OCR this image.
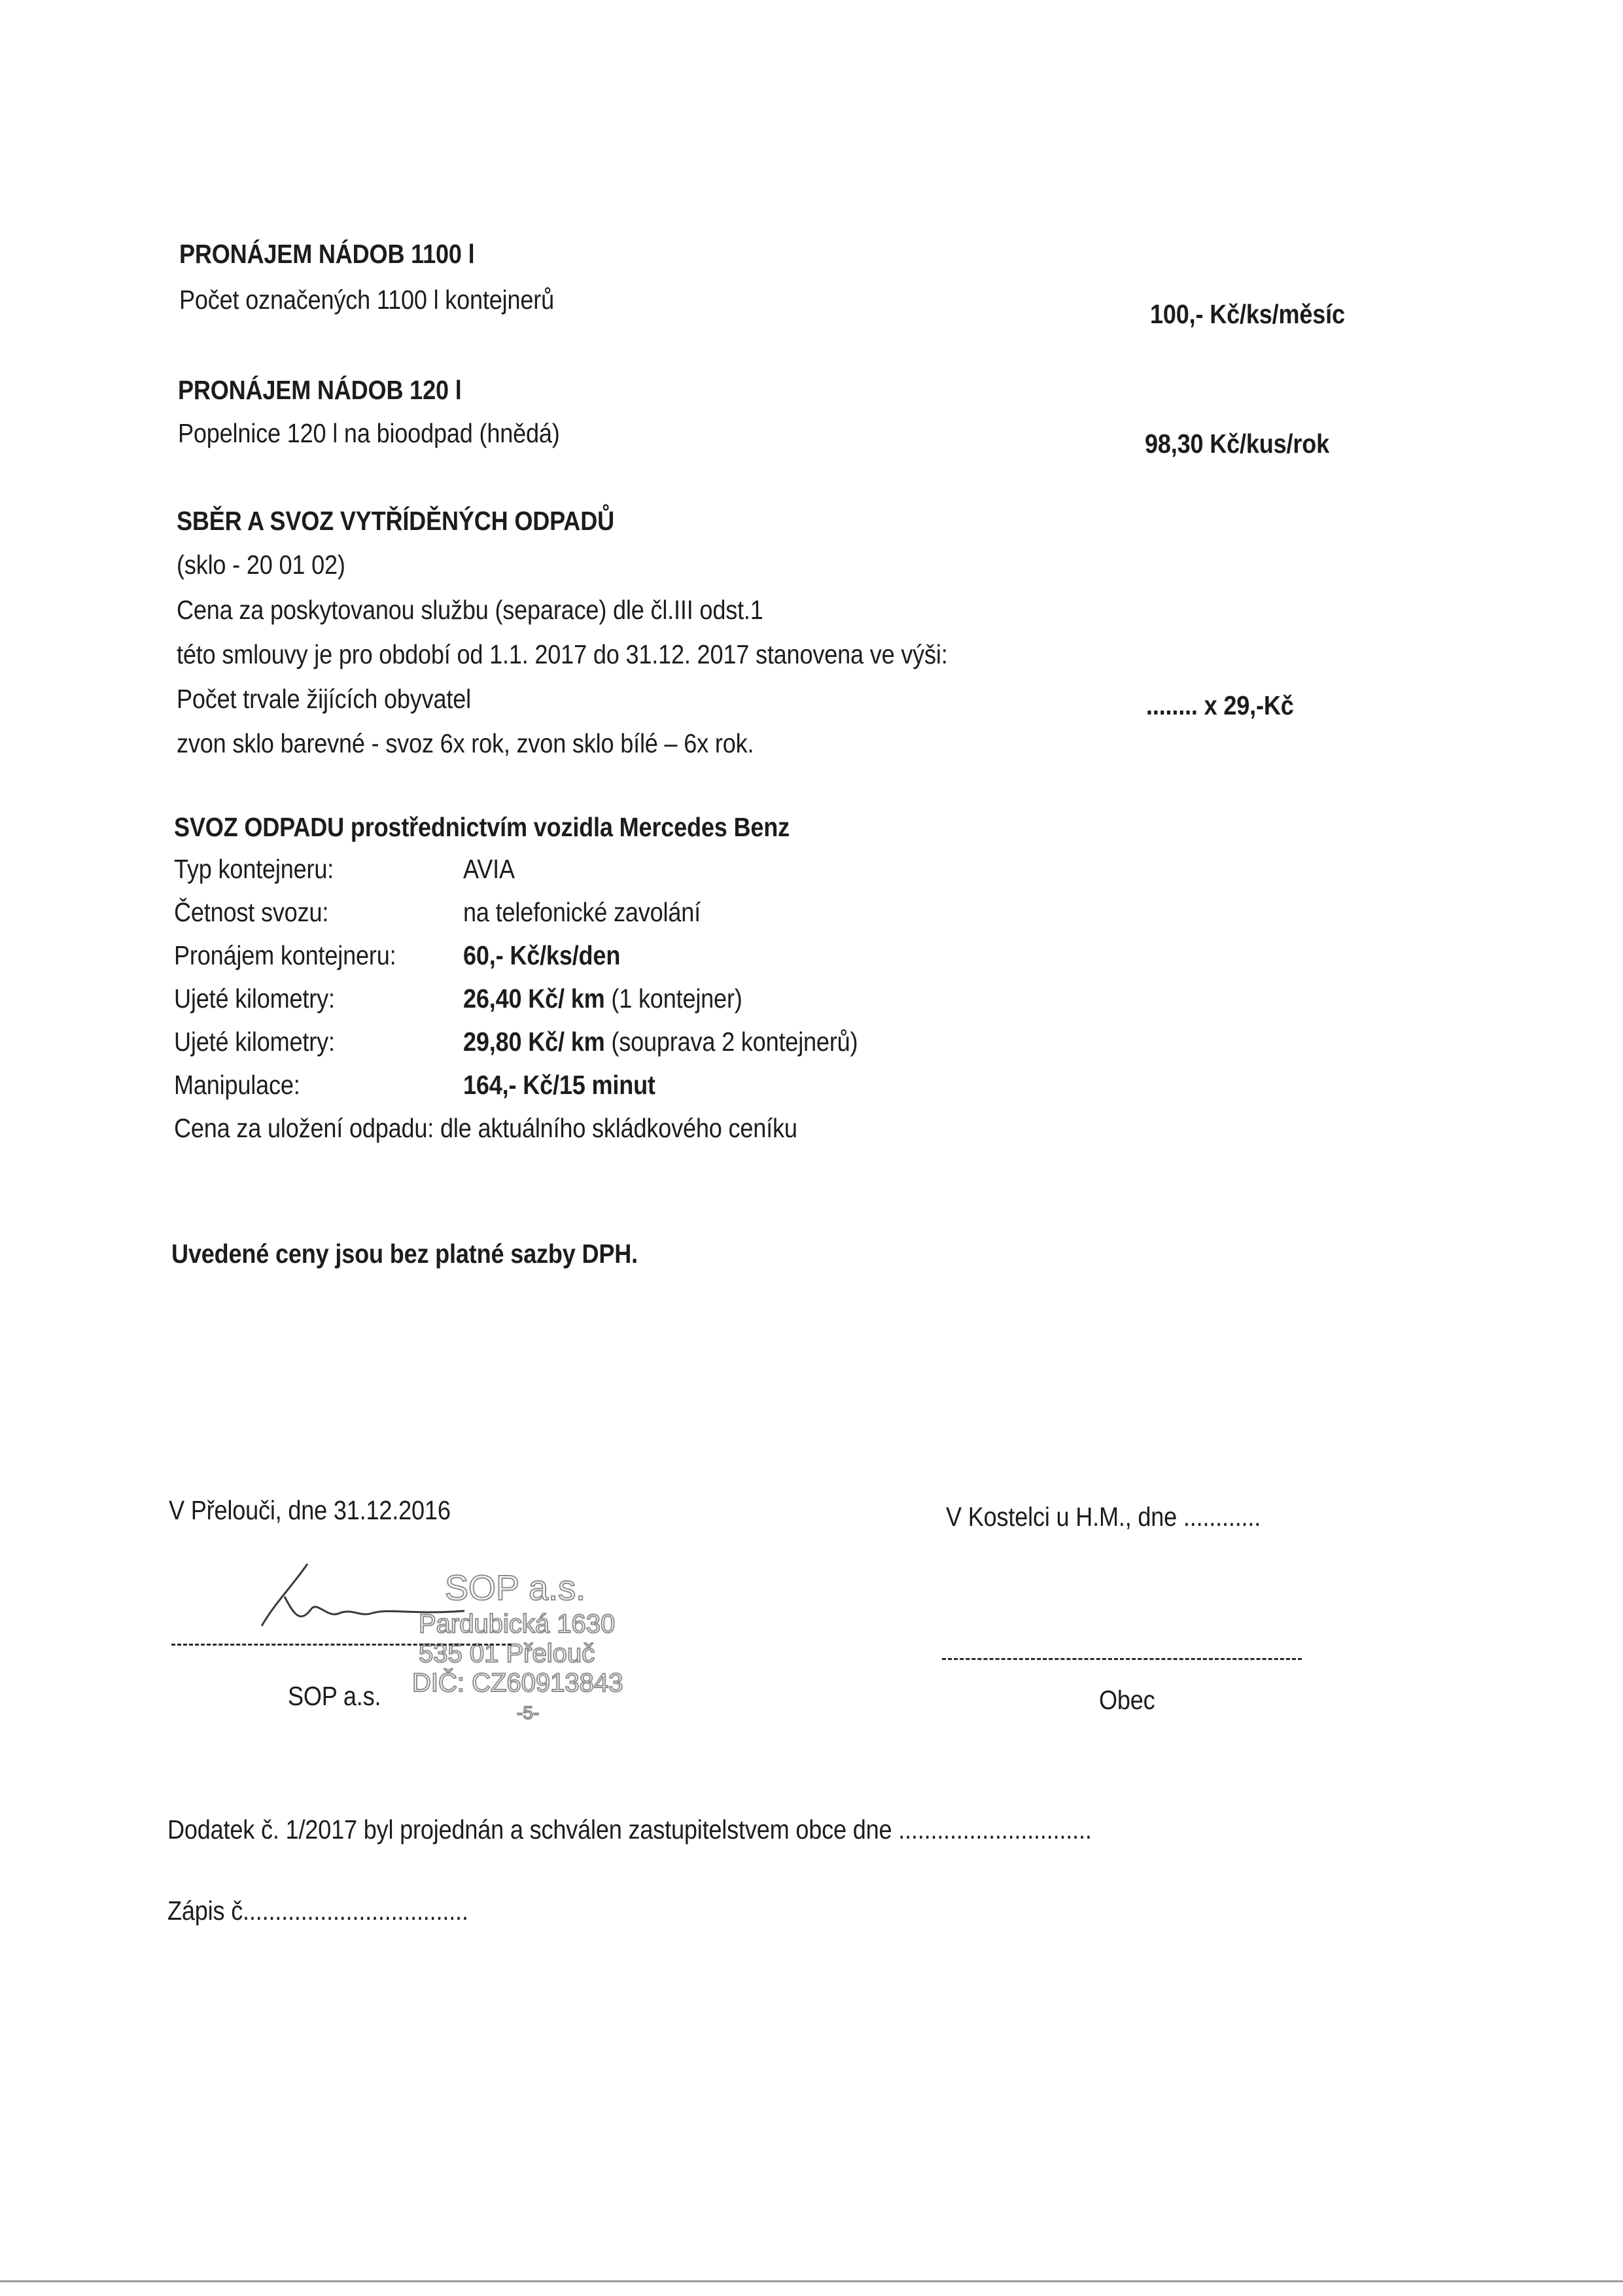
PRONÁJEM NÁDOB 1100 l
Počet označených 1100 l kontejnerů	100,- Kč/ks/měsíc
PRONÁJEM NÁDOB 120 l
Popelnice 120 l na bioodpad (hnědá)	98,30 Kč/kus/rok
SBĚR A SVOZ VYTŘÍDĚNÝCH ODPADŮ
(sklo - 20 01 02)
Cena za poskytovanou službu (separace) dle čl.III odst.1
této smlouvy je pro období od 1.1. 2017 do 31.12. 2017 stanovena ve výši:
Počet trvale žijících obyvatel
zvon sklo barevné - svoz 6x rok, zvon sklo bílé – 6x rok.
........ x 29,-Kč
SVOZ ODPADU prostřednictvím vozidla Mercedes Benz
Typ kontejneru:	AVIA
Četnost svozu:	na telefonické zavolání
Pronájem kontejneru:	60,- Kč/ks/den
Ujeté kilometry:	26,40 Kč/ km (1 kontejner)
Ujeté kilometry:	29,80 Kč/ km (souprava 2 kontejnerů)
Manipulace:	164,- Kč/15 minut
Cena za uložení odpadu: dle aktuálního skládkového ceníku
Uvedené ceny jsou bez platné sazby DPH.
V Přelouči, dne 31.12.2016	V Kostelci u H.M., dne ............
SOP a.s.
Pardubická 1630
535 01 Přelouč
DIČ: CZ60913843
-5-
SOP a.s.	Obec
Dodatek č. 1/2017 byl projednán a schválen zastupitelstvem obce dne ..............................
Zápis č...................................
